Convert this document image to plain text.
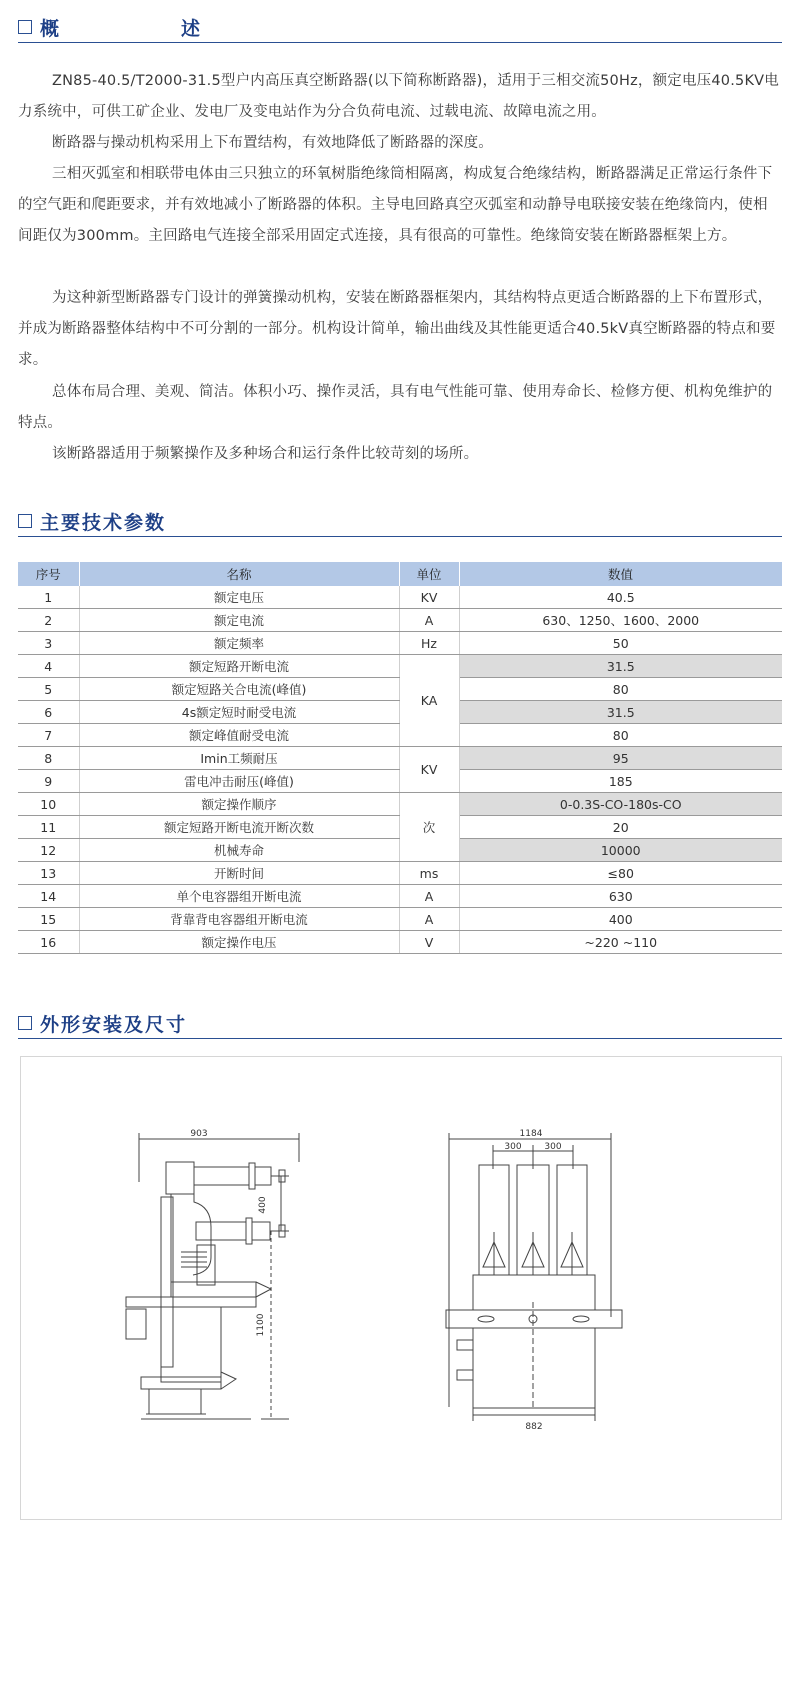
概　　述

ZN85-40.5/T2000-31.5型户内高压真空断路器(以下简称断路器)，适用于三相交流50Hz，额定电压40.5KV电力系统中，可供工矿企业、发电厂及变电站作为分合负荷电流、过载电流、故障电流之用。

断路器与操动机构采用上下布置结构，有效地降低了断路器的深度。

三相灭弧室和相联带电体由三只独立的环氧树脂绝缘筒相隔离，构成复合绝缘结构，断路器满足正常运行条件下的空气距和爬距要求，并有效地减小了断路器的体积。主导电回路真空灭弧室和动静导电联接安装在绝缘筒内，使相间距仅为300mm。主回路电气连接全部采用固定式连接，具有很高的可靠性。绝缘筒安装在断路器框架上方。

为这种新型断路器专门设计的弹簧操动机构，安装在断路器框架内，其结构特点更适合断路器的上下布置形式，并成为断路器整体结构中不可分割的一部分。机构设计简单，输出曲线及其性能更适合40.5kV真空断路器的特点和要求。

总体布局合理、美观、简洁。体积小巧、操作灵活，具有电气性能可靠、使用寿命长、检修方便、机构免维护的特点。

该断路器适用于频繁操作及多种场合和运行条件比较苛刻的场所。

主要技术参数
序号	名称	单位	数值
1	额定电压	KV	40.5
2	额定电流	A	630、1250、1600、2000
3	额定频率	Hz	50
4	额定短路开断电流	KA	31.5
5	额定短路关合电流(峰值)		80
6	4s额定短时耐受电流		31.5
7	额定峰值耐受电流		80
8	Imin工频耐压	KV	95
9	雷电冲击耐压(峰值)		185
10	额定操作顺序	次	0-0.3S-CO-180s-CO
11	额定短路开断电流开断次数		20
12	机械寿命		10000
13	开断时间	ms	≤80
14	单个电容器组开断电流	A	630
15	背靠背电容器组开断电流	A	400
16	额定操作电压	V	~220 ~110
外形安装及尺寸
903
400
1100
1184
300	300
882
